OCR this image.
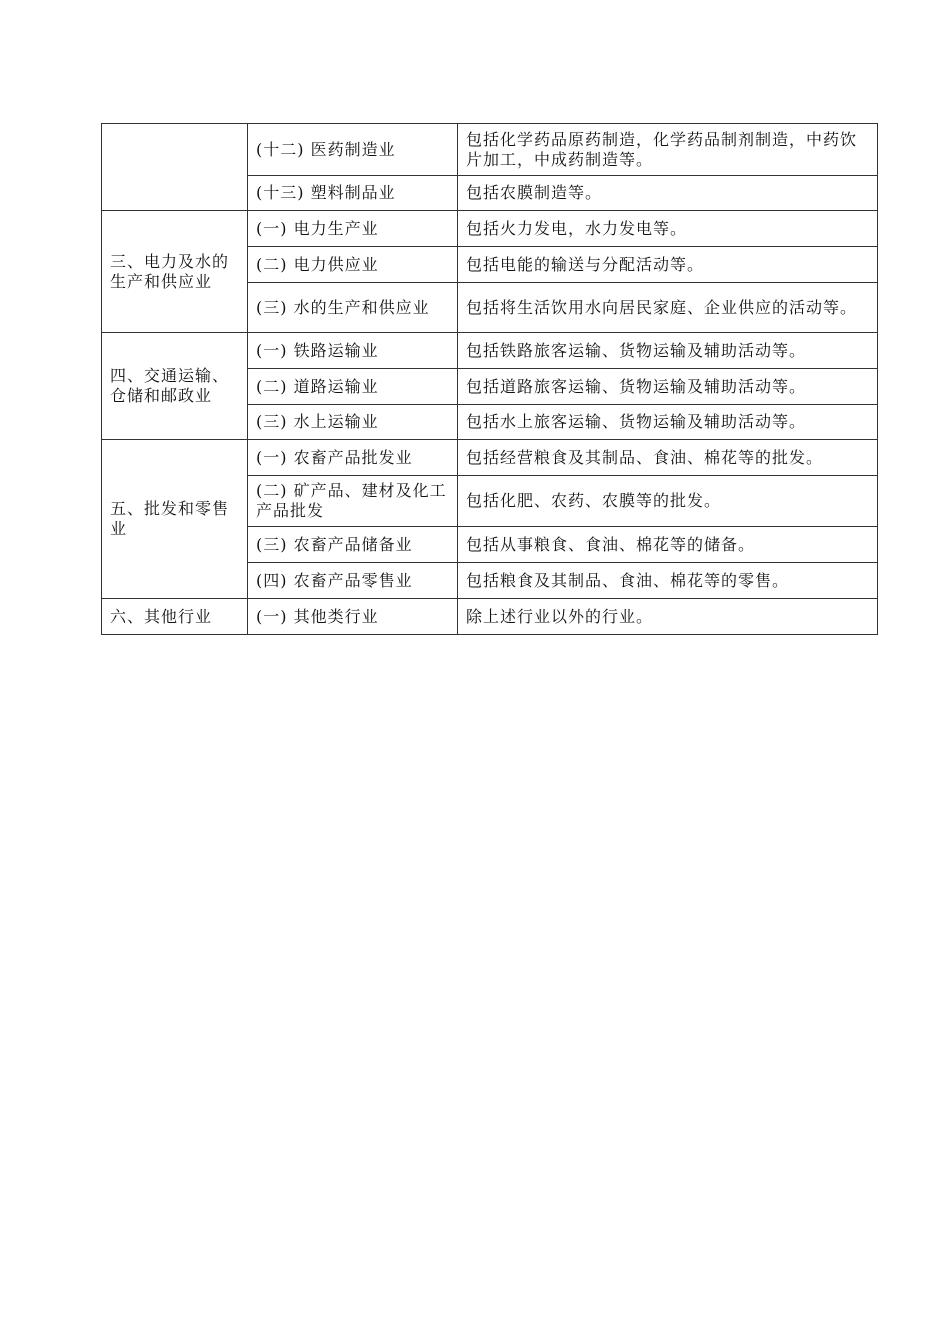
	(十二) 医药制造业	包括化学药品原药制造，化学药品制剂制造，中药饮片加工，中成药制造等。
	(十三) 塑料制品业	包括农膜制造等。
三、电力及水的生产和供应业	(一) 电力生产业	包括火力发电，水力发电等。
	(二) 电力供应业	包括电能的输送与分配活动等。
	(三) 水的生产和供应业	包括将生活饮用水向居民家庭、企业供应的活动等。
四、交通运输、仓储和邮政业	(一) 铁路运输业	包括铁路旅客运输、货物运输及辅助活动等。
	(二) 道路运输业	包括道路旅客运输、货物运输及辅助活动等。
	(三) 水上运输业	包括水上旅客运输、货物运输及辅助活动等。
五、批发和零售业	(一) 农畜产品批发业	包括经营粮食及其制品、食油、棉花等的批发。
	(二) 矿产品、建材及化工产品批发	包括化肥、农药、农膜等的批发。
	(三) 农畜产品储备业	包括从事粮食、食油、棉花等的储备。
	(四) 农畜产品零售业	包括粮食及其制品、食油、棉花等的零售。
六、其他行业	(一) 其他类行业	除上述行业以外的行业。
